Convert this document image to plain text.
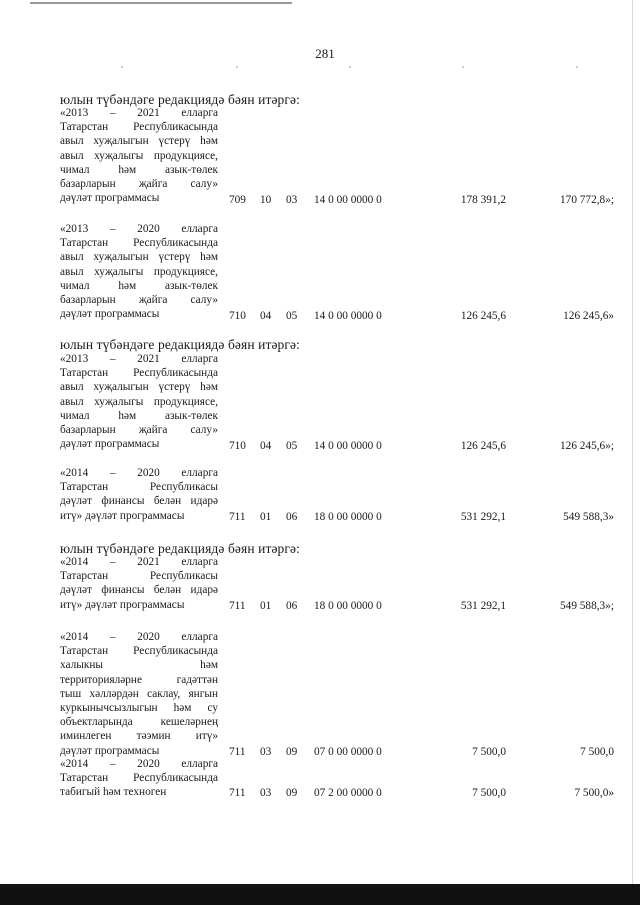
281
юлын түбәндәге редакциядә бәян итәргә:
«2013 – 2021 елларга
Татарстан Республикасында
авыл хуҗалыгын үстерү һәм
авыл хуҗалыгы продукциясе,
чимал һәм азык-төлек
базарларын җайга салу»
дәүләт программасы	709 10 03 14 0 00 0000 0	178 391,2	170 772,8»;
«2013 – 2020 елларга
Татарстан Республикасында
авыл хуҗалыгын үстерү һәм
авыл хуҗалыгы продукциясе,
чимал һәм азык-төлек
базарларын җайга салу»
дәүләт программасы	710 04 05 14 0 00 0000 0	126 245,6	126 245,6»
юлын түбәндәге редакциядә бәян итәргә:
«2013 – 2021 елларга
Татарстан Республикасында
авыл хуҗалыгын үстерү һәм
авыл хуҗалыгы продукциясе,
чимал һәм азык-төлек
базарларын җайга салу»
дәүләт программасы	710 04 05 14 0 00 0000 0	126 245,6	126 245,6»;
«2014 – 2020 елларга
Татарстан Республикасы
дәүләт финансы белән идарә
итү» дәүләт программасы	711 01 06 18 0 00 0000 0	531 292,1	549 588,3»
юлын түбәндәге редакциядә бәян итәргә:
«2014 – 2021 елларга
Татарстан Республикасы
дәүләт финансы белән идарә
итү» дәүләт программасы	711 01 06 18 0 00 0000 0	531 292,1	549 588,3»;
«2014 – 2020 елларга
Татарстан Республикасында
халыкны һәм
территорияләрне гадәттән
тыш хәлләрдән саклау, янгын
куркынычсызлыгын һәм су
объектларында кешеләрнең
иминлеген тәэмин итү»
дәүләт программасы	711 03 09 07 0 00 0000 0	7 500,0	7 500,0
«2014 – 2020 елларга
Татарстан Республикасында
табигый һәм техноген	711 03 09 07 2 00 0000 0	7 500,0	7 500,0»
